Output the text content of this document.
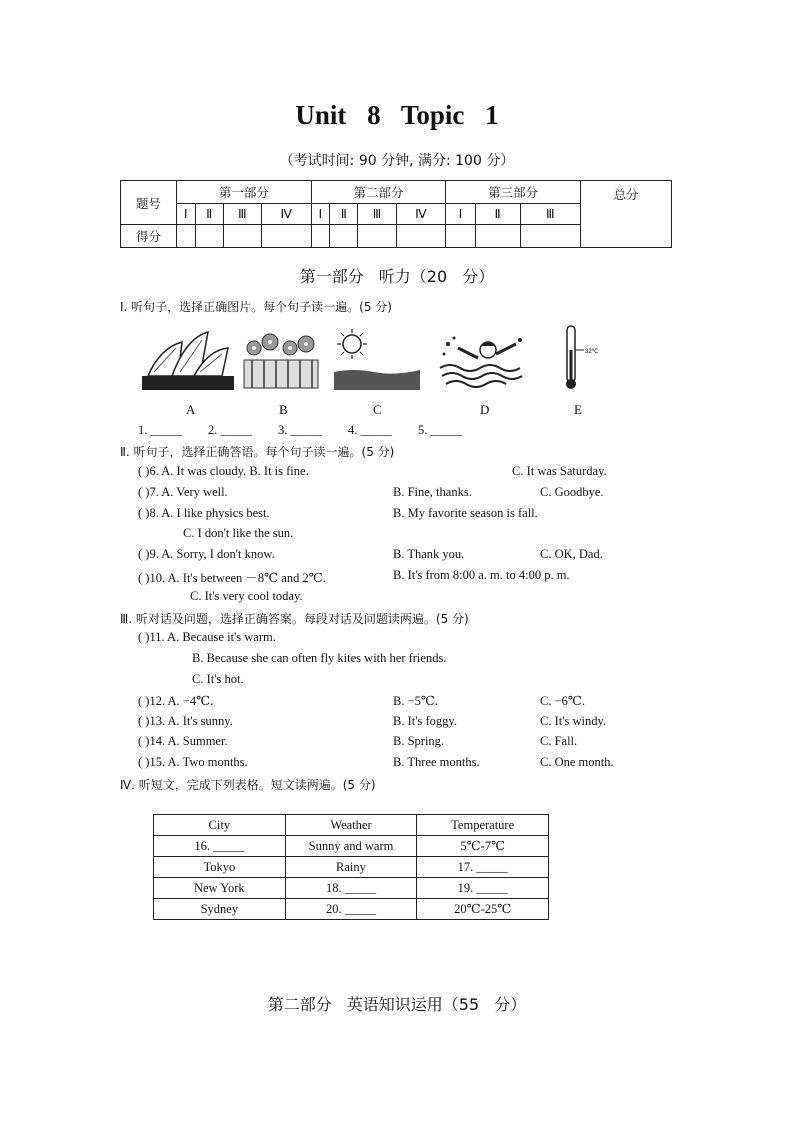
Unit 8 Topic 1
（考试时间: 90 分钟, 满分: 100 分）
题号	第一部分				第二部分				第三部分			总分
	Ⅰ	Ⅱ	Ⅲ	Ⅳ	Ⅰ	Ⅱ	Ⅲ	Ⅳ	Ⅰ	Ⅱ	Ⅲ	
得分												
第一部分 听力（20 分）
Ⅰ. 听句子，选择正确图片。每个句子读一遍。(5 分)
32℃
A	B	C	D	E
1. _____ 2. _____ 3. _____ 4. _____ 5. _____
Ⅱ. 听句子，选择正确答语。每个句子读一遍。(5 分)
( )6. A. It was cloudy. B. It is fine.	C. It was Saturday.
( )7. A. Very well.	B. Fine, thanks.	C. Goodbye.
( )8. A. I like physics best.	B. My favorite season is fall.
C. I don't like the sun.
( )9. A. Sorry, I don't know.	B. Thank you.	C. OK, Dad.
( )10. A. It's between －8℃ and 2℃.	B. It's from 8:00 a. m. to 4:00 p. m.
C. It's very cool today.
Ⅲ. 听对话及问题，选择正确答案。每段对话及问题读两遍。(5 分)
( )11. A. Because it's warm.
B. Because she can often fly kites with her friends.
C. It's hot.
( )12. A. −4℃.	B. −5℃.	C. −6℃.
( )13. A. It's sunny.	B. It's foggy.	C. It's windy.
( )14. A. Summer.	B. Spring.	C. Fall.
( )15. A. Two months.	B. Three months.	C. One month.
Ⅳ. 听短文，完成下列表格。短文读两遍。(5 分)
City	Weather	Temperature
16. _____	Sunny and warm	5℃-7℃
Tokyo	Rainy	17. _____
New York	18. _____	19. _____
Sydney	20. _____	20℃-25℃
第二部分 英语知识运用（55 分）
